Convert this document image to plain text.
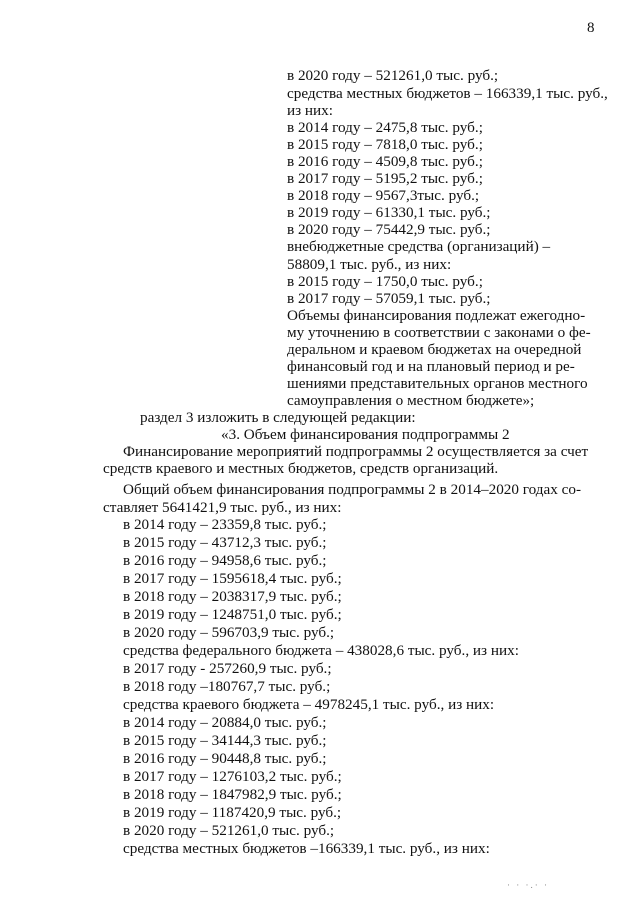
8
в 2020 году – 521261,0 тыс. руб.;
средства местных бюджетов – 166339,1 тыс. руб.,
из них:
в 2014 году – 2475,8 тыс. руб.;
в 2015 году – 7818,0 тыс. руб.;
в 2016 году – 4509,8 тыс. руб.;
в 2017 году – 5195,2 тыс. руб.;
в 2018 году – 9567,3тыс. руб.;
в 2019 году – 61330,1 тыс. руб.;
в 2020 году – 75442,9 тыс. руб.;
внебюджетные средства (организаций) –
58809,1 тыс. руб., из них:
в 2015 году – 1750,0 тыс. руб.;
в 2017 году – 57059,1 тыс. руб.;
Объемы финансирования подлежат ежегодно-
му уточнению в соответствии с законами о фе-
деральном и краевом бюджетах на очередной
финансовый год и на плановый период и ре-
шениями представительных органов местного
самоуправления о местном бюджете»;
раздел 3 изложить в следующей редакции:
«3. Объем финансирования подпрограммы 2
Финансирование мероприятий подпрограммы 2 осуществляется за счет
средств краевого и местных бюджетов, средств организаций.
Общий объем финансирования подпрограммы 2 в 2014–2020 годах со-
ставляет 5641421,9 тыс. руб., из них:
в 2014 году – 23359,8 тыс. руб.;
в 2015 году – 43712,3 тыс. руб.;
в 2016 году – 94958,6 тыс. руб.;
в 2017 году – 1595618,4 тыс. руб.;
в 2018 году – 2038317,9 тыс. руб.;
в 2019 году – 1248751,0 тыс. руб.;
в 2020 году – 596703,9 тыс. руб.;
средства федерального бюджета – 438028,6 тыс. руб., из них:
в 2017 году - 257260,9 тыс. руб.;
в 2018 году –180767,7 тыс. руб.;
средства краевого бюджета – 4978245,1 тыс. руб., из них:
в 2014 году – 20884,0 тыс. руб.;
в 2015 году – 34144,3 тыс. руб.;
в 2016 году – 90448,8 тыс. руб.;
в 2017 году – 1276103,2 тыс. руб.;
в 2018 году – 1847982,9 тыс. руб.;
в 2019 году – 1187420,9 тыс. руб.;
в 2020 году – 521261,0 тыс. руб.;
средства местных бюджетов –166339,1 тыс. руб., из них:
· · ·.· ·
